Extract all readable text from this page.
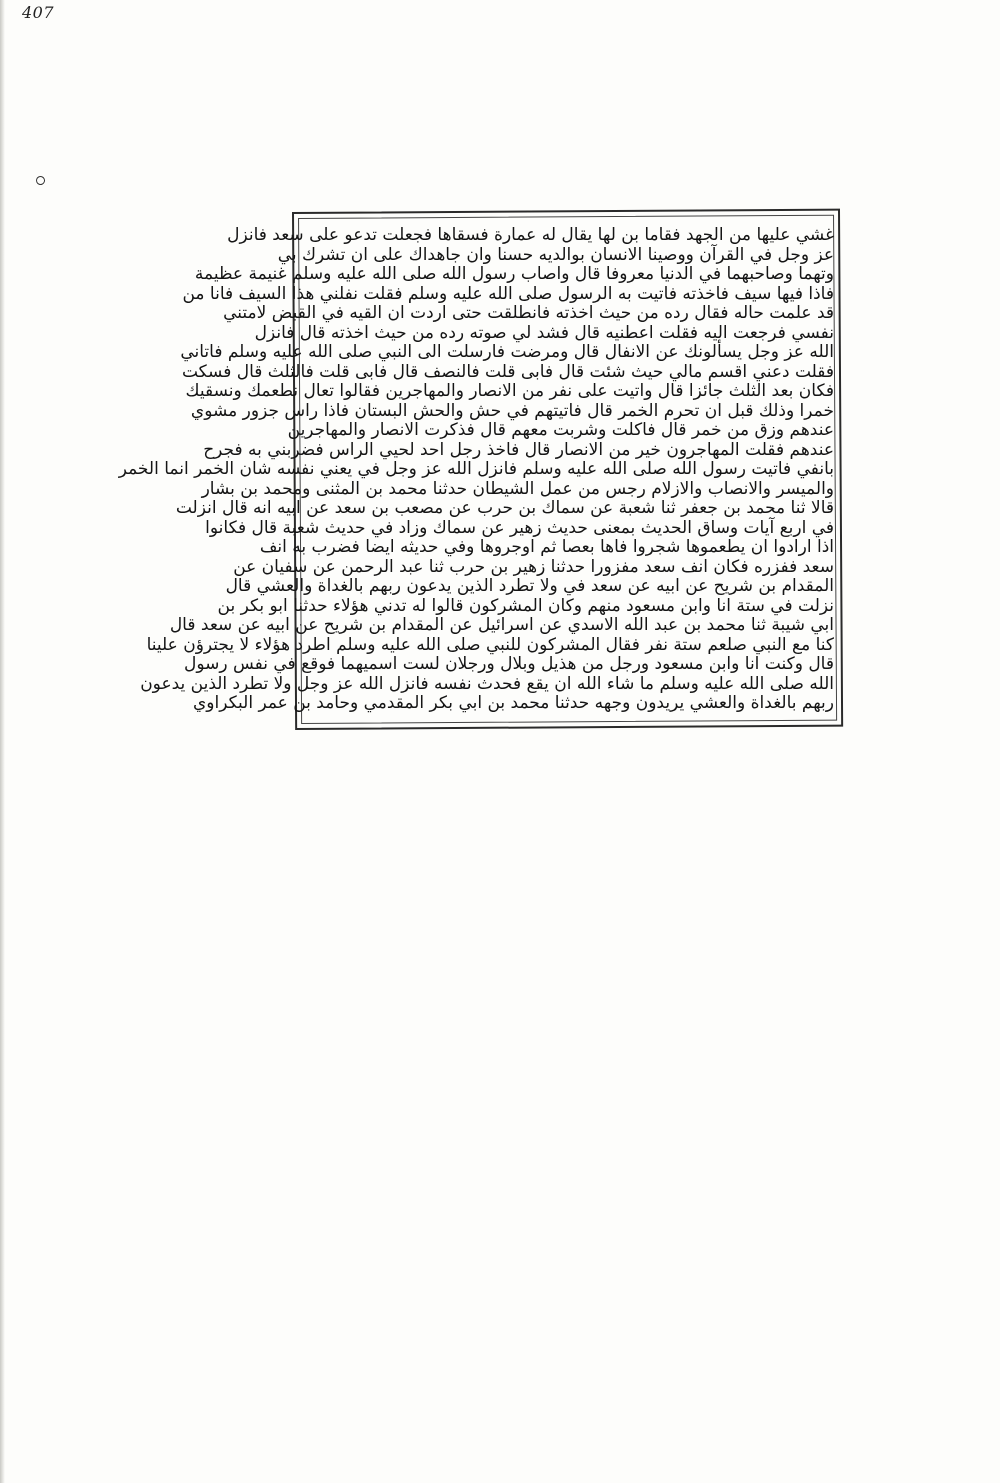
407
غشي عليها من الجهد فقاما بن لها يقال له عمارة فسقاها فجعلت تدعو على سعد فانزل
عز وجل في القرآن ووصينا الانسان بوالديه حسنا وان جاهداك على ان تشرك بي
وتهما وصاحبهما في الدنيا معروفا قال واصاب رسول الله صلى الله عليه وسلم غنيمة عظيمة
فاذا فيها سيف فاخذته فاتيت به الرسول صلى الله عليه وسلم فقلت نفلني هذا السيف فانا من
قد علمت حاله فقال رده من حيث اخذته فانطلقت حتى اردت ان القيه في القبض لامتني
نفسي فرجعت اليه فقلت اعطنيه قال فشد لي صوته رده من حيث اخذته قال فانزل
الله عز وجل يسألونك عن الانفال قال ومرضت فارسلت الى النبي صلى الله عليه وسلم فاتاني
فقلت دعني اقسم مالي حيث شئت قال فابى قلت فالنصف قال فابى قلت فالثلث قال فسكت
فكان بعد الثلث جائزا قال واتيت على نفر من الانصار والمهاجرين فقالوا تعال نطعمك ونسقيك
خمرا وذلك قبل ان تحرم الخمر قال فاتيتهم في حش والحش البستان فاذا راس جزور مشوي
عندهم وزق من خمر قال فاكلت وشربت معهم قال فذكرت الانصار والمهاجرين
عندهم فقلت المهاجرون خير من الانصار قال فاخذ رجل احد لحيي الراس فضربني به فجرح
بانفي فاتيت رسول الله صلى الله عليه وسلم فانزل الله عز وجل في يعني نفسه شان الخمر انما الخمر
والميسر والانصاب والازلام رجس من عمل الشيطان حدثنا محمد بن المثنى ومحمد بن بشار
قالا ثنا محمد بن جعفر ثنا شعبة عن سماك بن حرب عن مصعب بن سعد عن ابيه انه قال انزلت
في اربع آيات وساق الحديث بمعنى حديث زهير عن سماك وزاد في حديث شعبة قال فكانوا
اذا ارادوا ان يطعموها شجروا فاها بعصا ثم اوجروها وفي حديثه ايضا فضرب به انف
سعد ففزره فكان انف سعد مفزورا حدثنا زهير بن حرب ثنا عبد الرحمن عن سفيان عن
المقدام بن شريح عن ابيه عن سعد في ولا تطرد الذين يدعون ربهم بالغداة والعشي قال
نزلت في ستة انا وابن مسعود منهم وكان المشركون قالوا له تدني هؤلاء حدثنا ابو بكر بن
ابي شيبة ثنا محمد بن عبد الله الاسدي عن اسرائيل عن المقدام بن شريح عن ابيه عن سعد قال
كنا مع النبي صلعم ستة نفر فقال المشركون للنبي صلى الله عليه وسلم اطرد هؤلاء لا يجترؤن علينا
قال وكنت انا وابن مسعود ورجل من هذيل وبلال ورجلان لست اسميهما فوقع في نفس رسول
الله صلى الله عليه وسلم ما شاء الله ان يقع فحدث نفسه فانزل الله عز وجل ولا تطرد الذين يدعون
ربهم بالغداة والعشي يريدون وجهه حدثنا محمد بن ابي بكر المقدمي وحامد بن عمر البكراوي
